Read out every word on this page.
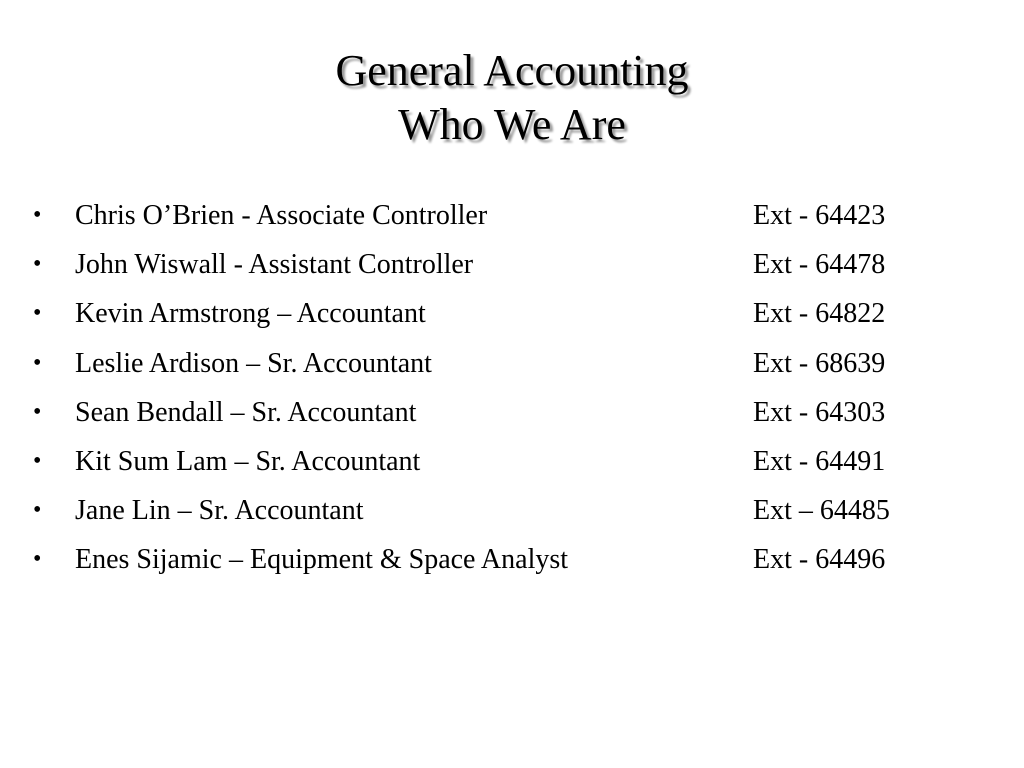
General Accounting
Who We Are
• Chris O’Brien - Associate Controller	Ext - 64423
• John Wiswall - Assistant Controller	Ext - 64478
• Kevin Armstrong – Accountant	Ext - 64822
• Leslie Ardison – Sr. Accountant	Ext - 68639
• Sean Bendall – Sr. Accountant	Ext - 64303
• Kit Sum Lam – Sr. Accountant	Ext - 64491
• Jane Lin – Sr. Accountant	Ext – 64485
• Enes Sijamic – Equipment & Space Analyst	Ext - 64496
